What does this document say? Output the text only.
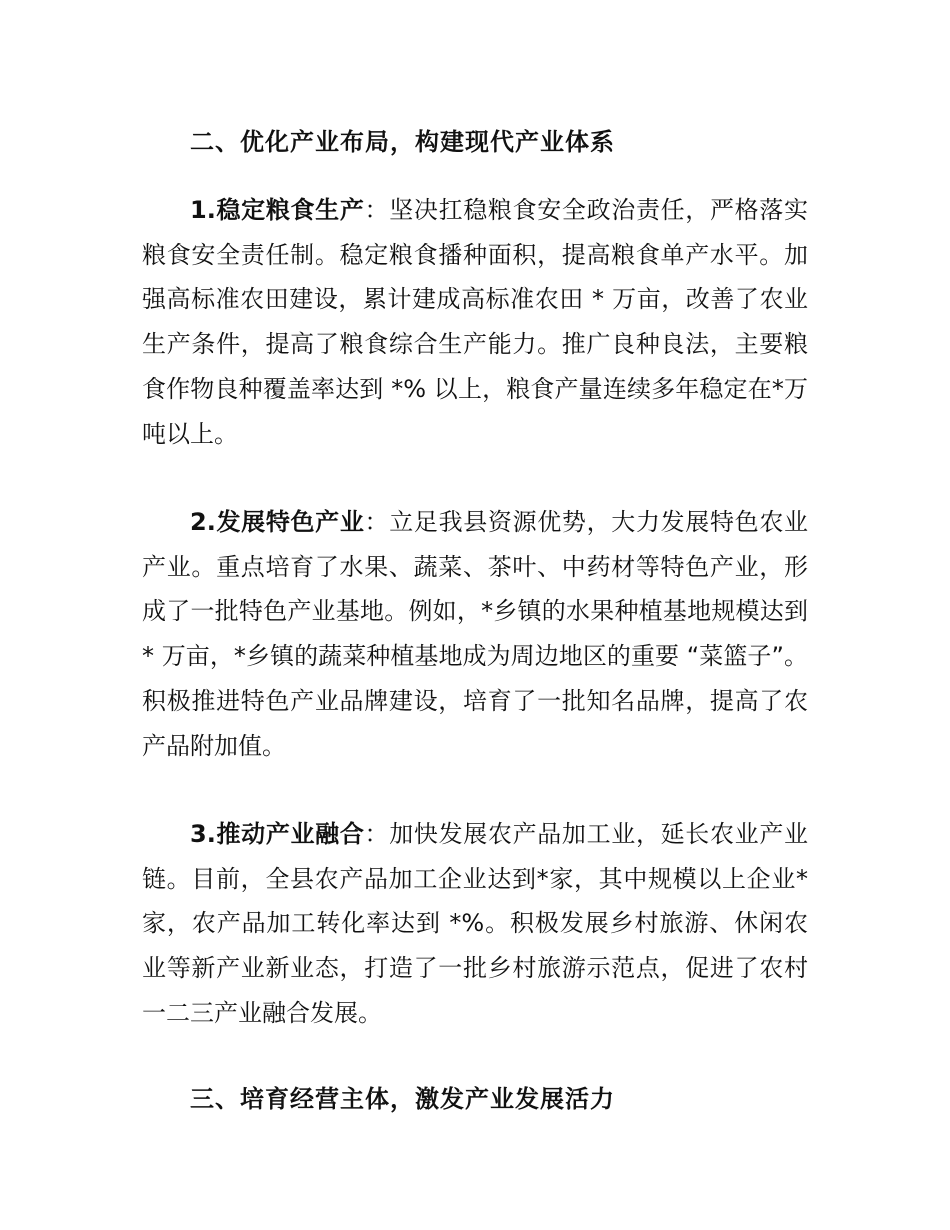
二、优化产业布局，构建现代产业体系
1.稳定粮食生产：坚决扛稳粮食安全政治责任，严格落实粮食安全责任制。稳定粮食播种面积，提高粮食单产水平。加强高标准农田建设，累计建成高标准农田 * 万亩，改善了农业生产条件，提高了粮食综合生产能力。推广良种良法，主要粮食作物良种覆盖率达到 *% 以上，粮食产量连续多年稳定在*万吨以上。
2.发展特色产业：立足我县资源优势，大力发展特色农业产业。重点培育了水果、蔬菜、茶叶、中药材等特色产业，形成了一批特色产业基地。例如，*乡镇的水果种植基地规模达到 * 万亩，*乡镇的蔬菜种植基地成为周边地区的重要 “菜篮子”。积极推进特色产业品牌建设，培育了一批知名品牌，提高了农产品附加值。
3.推动产业融合：加快发展农产品加工业，延长农业产业链。目前，全县农产品加工企业达到*家，其中规模以上企业*家，农产品加工转化率达到 *%。积极发展乡村旅游、休闲农业等新产业新业态，打造了一批乡村旅游示范点，促进了农村一二三产业融合发展。
三、培育经营主体，激发产业发展活力
